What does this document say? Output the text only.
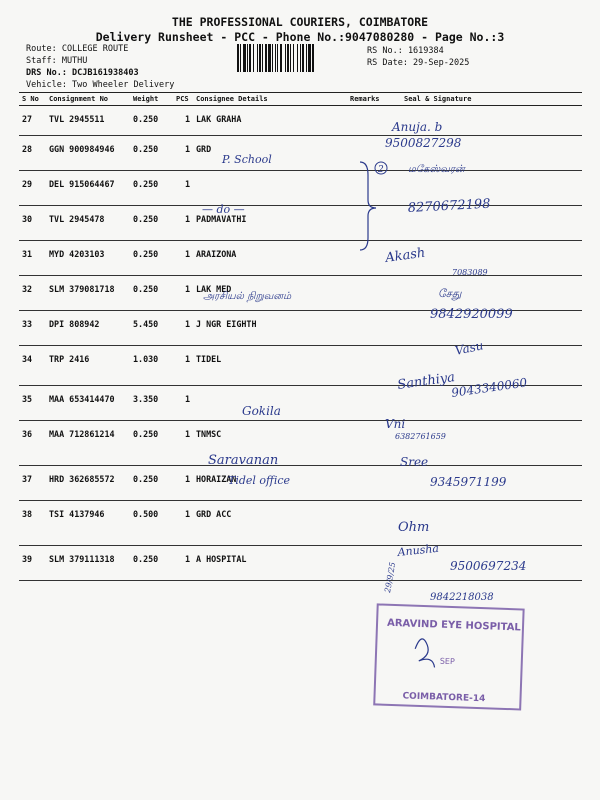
THE PROFESSIONAL COURIERS, COIMBATORE
Delivery Runsheet - PCC - Phone No.:9047080280 - Page No.:3
Route: COLLEGE ROUTE
Staff: MUTHU
DRS No.: DCJB161938403
Vehicle: Two Wheeler Delivery
RS No.: 1619384
RS Date: 29-Sep-2025
S No	Consignment No	Weight	PCS	Consignee Details	Remarks	Seal & Signature
27	TVL 2945511	0.250	1	LAK GRAHA		
28	GGN 900984946	0.250	1	GRD		
29	DEL 915064467	0.250	1			
30	TVL 2945478	0.250	1	PADMAVATHI		
31	MYD 4203103	0.250	1	ARAIZONA		
32	SLM 379081718	0.250	1	LAK MED		
33	DPI 808942	5.450	1	J NGR EIGHTH		
34	TRP 2416	1.030	1	TIDEL		
35	MAA 653414470	3.350	1			
36	MAA 712861214	0.250	1	TNMSC		
37	HRD 362685572	0.250	1	HORAIZAN		
38	TSI 4137946	0.500	1	GRD ACC		
39	SLM 379111318	0.250	1	A HOSPITAL		
Anuja. b
9500827298
P. School
2 மகேஸ்வரன்
— do —	8270672198
Akash
7083089
அரசியல் நிறுவனம்	சேது
9842920099
Vasu
Santhiya
9043340060
Gokila
Vni
6382761659
Saravanan
Tidel office
Sree
9345971199
Ohm
Anusha
9500697234
29/9/25
9842218038
ARAVIND EYE HOSPITAL
SEP
COIMBATORE-14
